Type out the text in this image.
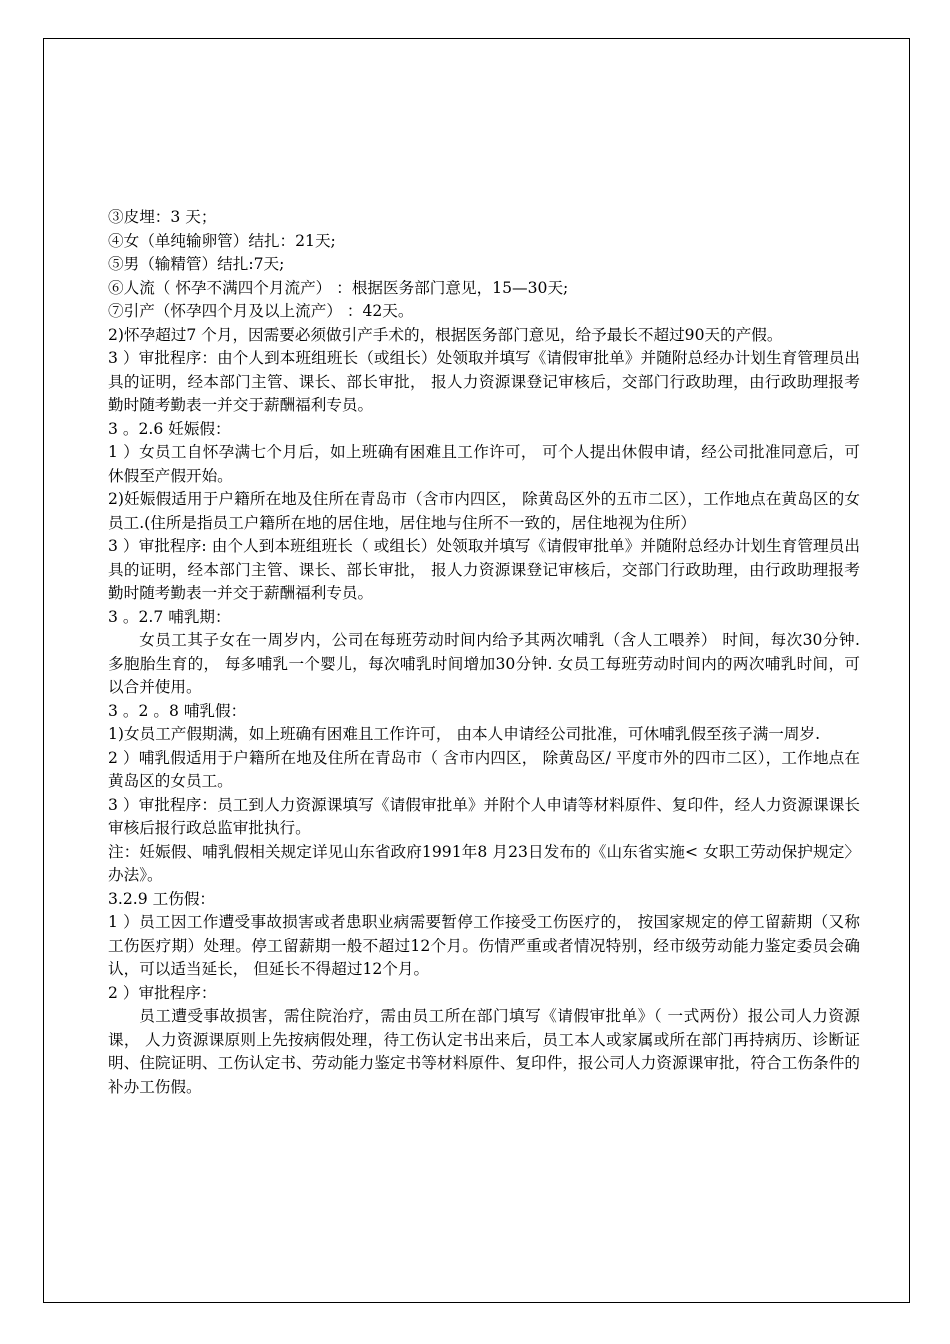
③皮埋：3 天；

④女（单纯输卵管）结扎：21天;

⑤男（输精管）结扎:7天;

⑥人流（ 怀孕不满四个月流产） ：根据医务部门意见，15—30天;

⑦引产（怀孕四个月及以上流产） ：42天。

2)怀孕超过7 个月，因需要必须做引产手术的，根据医务部门意见，给予最长不超过90天的产假。

3 ）审批程序：由个人到本班组班长（或组长）处领取并填写《请假审批单》并随附总经办计划生育管理员出具的证明，经本部门主管、课长、部长审批， 报人力资源课登记审核后，交部门行政助理，由行政助理报考勤时随考勤表一并交于薪酬福利专员。

3 。2.6 妊娠假：

1 ）女员工自怀孕满七个月后，如上班确有困难且工作许可， 可个人提出休假申请，经公司批准同意后，可休假至产假开始。

2)妊娠假适用于户籍所在地及住所在青岛市（含市内四区， 除黄岛区外的五市二区），工作地点在黄岛区的女员工.(住所是指员工户籍所在地的居住地，居住地与住所不一致的，居住地视为住所）

3 ）审批程序: 由个人到本班组班长（ 或组长）处领取并填写《请假审批单》并随附总经办计划生育管理员出具的证明，经本部门主管、课长、部长审批， 报人力资源课登记审核后，交部门行政助理，由行政助理报考勤时随考勤表一并交于薪酬福利专员。

3 。2.7 哺乳期：

女员工其子女在一周岁内，公司在每班劳动时间内给予其两次哺乳（含人工喂养） 时间，每次30分钟. 多胞胎生育的， 每多哺乳一个婴儿，每次哺乳时间增加30分钟. 女员工每班劳动时间内的两次哺乳时间，可以合并使用。

3 。2 。8 哺乳假：

1)女员工产假期满，如上班确有困难且工作许可， 由本人申请经公司批准，可休哺乳假至孩子满一周岁.

2 ）哺乳假适用于户籍所在地及住所在青岛市（ 含市内四区， 除黄岛区/ 平度市外的四市二区），工作地点在黄岛区的女员工。

3 ）审批程序：员工到人力资源课填写《请假审批单》并附个人申请等材料原件、复印件，经人力资源课课长审核后报行政总监审批执行。

注：妊娠假、哺乳假相关规定详见山东省政府1991年8 月23日发布的《山东省实施< 女职工劳动保护规定〉办法》。

3.2.9 工伤假：

1 ）员工因工作遭受事故损害或者患职业病需要暂停工作接受工伤医疗的， 按国家规定的停工留薪期（又称工伤医疗期）处理。停工留薪期一般不超过12个月。伤情严重或者情况特别，经市级劳动能力鉴定委员会确认，可以适当延长， 但延长不得超过12个月。

2 ）审批程序：

员工遭受事故损害，需住院治疗，需由员工所在部门填写《请假审批单》（ 一式两份）报公司人力资源课， 人力资源课原则上先按病假处理，待工伤认定书出来后，员工本人或家属或所在部门再持病历、诊断证明、住院证明、工伤认定书、劳动能力鉴定书等材料原件、复印件，报公司人力资源课审批，符合工伤条件的补办工伤假。
